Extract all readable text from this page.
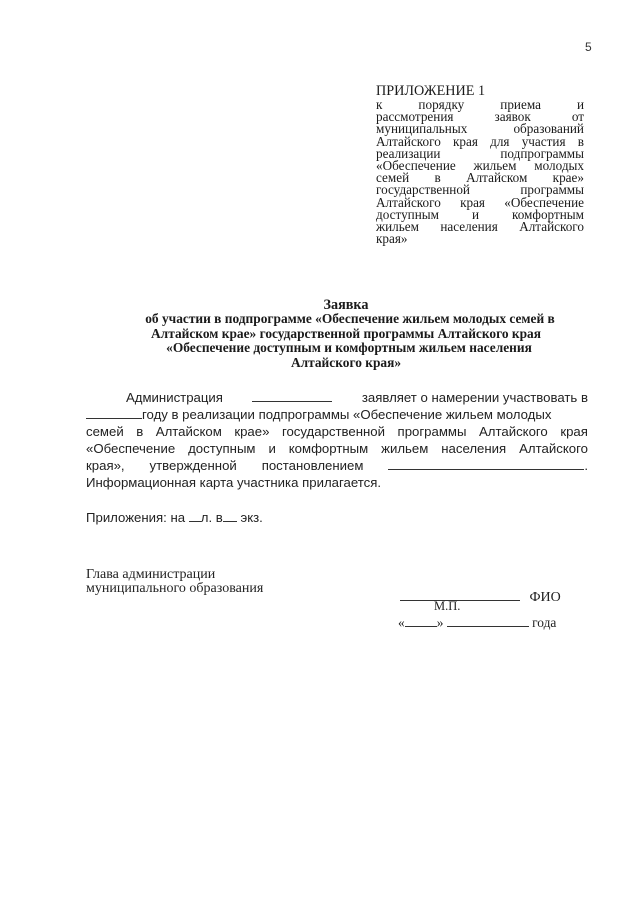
5
ПРИЛОЖЕНИЕ 1
к	порядку	приема	и
рассмотрения	заявок	от
муниципальных	образований
Алтайского края для участия в
реализации	подпрограммы
«Обеспечение жильем молодых
семей в Алтайском крае»
государственной	программы
Алтайского края «Обеспечение
доступным и комфортным
жильем населения Алтайского
края»
Заявка
об участии в подпрограмме «Обеспечение жильем молодых семей в
Алтайском крае» государственной программы Алтайского края
«Обеспечение доступным и комфортным жильем населения
Алтайского края»
Администрация	заявляет о намерении участвовать в
году в реализации подпрограммы «Обеспечение жильем молодых
семей в Алтайском крае» государственной программы Алтайского края
«Обеспечение доступным и комфортным жильем населения Алтайского
края», утвержденной постановлением	.
Информационная карта участника прилагается.
Приложения: на л. в экз.
Глава администрации
муниципального образования
ФИО
М.П.
« »	года
